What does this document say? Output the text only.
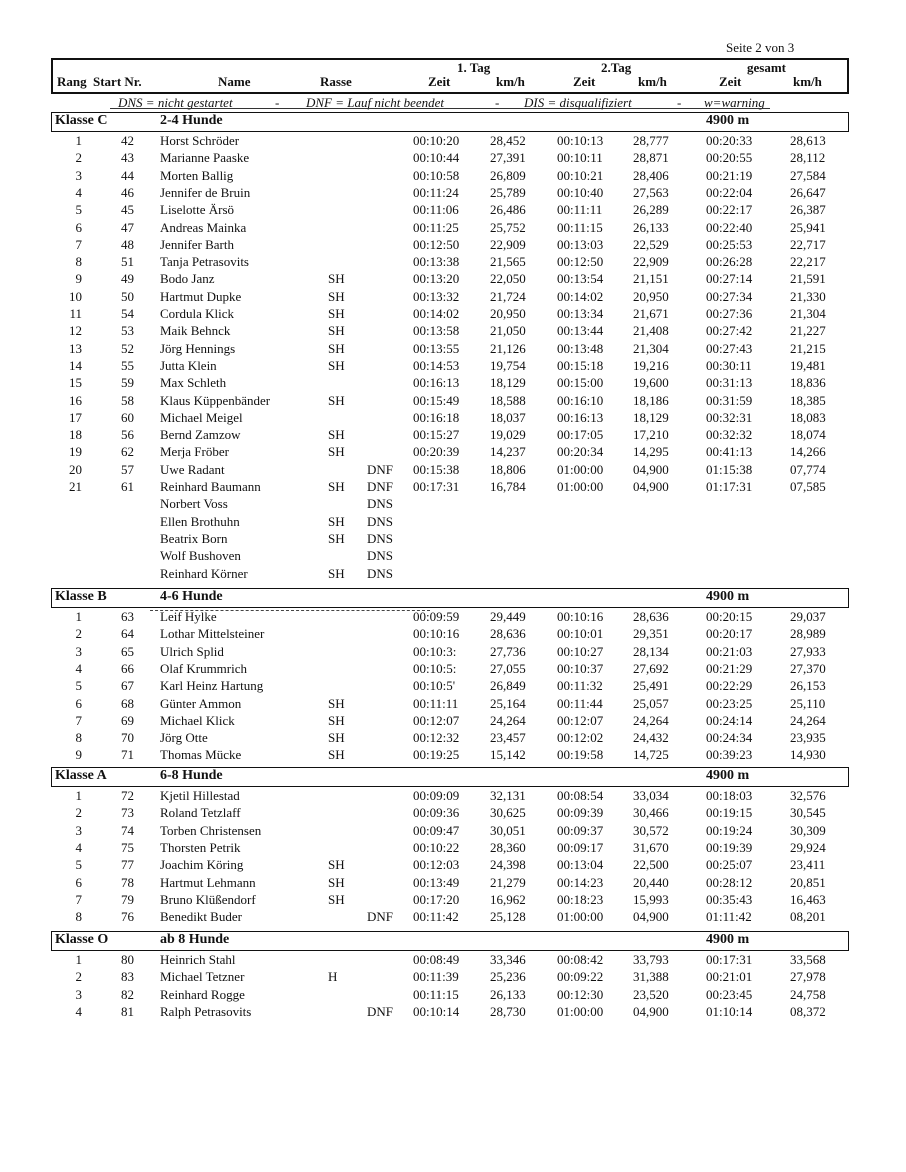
Seite 2 von 3
1. Tag	2.Tag	gesamt
Rang Start Nr.	Name	Rasse	Zeit	km/h	Zeit	km/h	Zeit	km/h
DNS = nicht gestartet	- DNF = Lauf nicht beendet	- DIS = disqualifiziert	- w=warning
Klasse C	2-4 Hunde	4900 m
1	42 Horst Schröder	00:10:20	28,452	00:10:13	28,777	00:20:33	28,613
2	43 Marianne Paaske	00:10:44	27,391	00:10:11	28,871	00:20:55	28,112
3	44 Morten Ballig	00:10:58	26,809	00:10:21	28,406	00:21:19	27,584
4	46 Jennifer de Bruin	00:11:24	25,789	00:10:40	27,563	00:22:04	26,647
5	45 Liselotte Ärsö	00:11:06	26,486	00:11:11	26,289	00:22:17	26,387
6	47 Andreas Mainka	00:11:25	25,752	00:11:15	26,133	00:22:40	25,941
7	48 Jennifer Barth	00:12:50	22,909	00:13:03	22,529	00:25:53	22,717
8	51 Tanja Petrasovits	00:13:38	21,565	00:12:50	22,909	00:26:28	22,217
9	49 Bodo Janz	SH	00:13:20	22,050	00:13:54	21,151	00:27:14	21,591
10	50 Hartmut Dupke	SH	00:13:32	21,724	00:14:02	20,950	00:27:34	21,330
11	54 Cordula Klick	SH	00:14:02	20,950	00:13:34	21,671	00:27:36	21,304
12	53 Maik Behnck	SH	00:13:58	21,050	00:13:44	21,408	00:27:42	21,227
13	52 Jörg Hennings	SH	00:13:55	21,126	00:13:48	21,304	00:27:43	21,215
14	55 Jutta Klein	SH	00:14:53	19,754	00:15:18	19,216	00:30:11	19,481
15	59 Max Schleth	00:16:13	18,129	00:15:00	19,600	00:31:13	18,836
16	58 Klaus Küppenbänder	SH	00:15:49	18,588	00:16:10	18,186	00:31:59	18,385
17	60 Michael Meigel	00:16:18	18,037	00:16:13	18,129	00:32:31	18,083
18	56 Bernd Zamzow	SH	00:15:27	19,029	00:17:05	17,210	00:32:32	18,074
19	62 Merja Fröber	SH	00:20:39	14,237	00:20:34	14,295	00:41:13	14,266
20	57 Uwe Radant	DNF	00:15:38	18,806	01:00:00	04,900	01:15:38	07,774
21	61 Reinhard Baumann	SH	DNF	00:17:31	16,784	01:00:00	04,900	01:17:31	07,585
Norbert Voss	DNS
Ellen Brothuhn	SH	DNS
Beatrix Born	SH	DNS
Wolf Bushoven	DNS
Reinhard Körner	SH	DNS
Klasse B	4-6 Hunde	4900 m
1	63 Leif Hylke	00:09:59	29,449	00:10:16	28,636	00:20:15	29,037
2	64 Lothar Mittelsteiner	00:10:16	28,636	00:10:01	29,351	00:20:17	28,989
3	65 Ulrich Splid	00:10:3:	27,736	00:10:27	28,134	00:21:03	27,933
4	66 Olaf Krummrich	00:10:5:	27,055	00:10:37	27,692	00:21:29	27,370
5	67 Karl Heinz Hartung	00:10:5'	26,849	00:11:32	25,491	00:22:29	26,153
6	68 Günter Ammon	SH	00:11:11	25,164	00:11:44	25,057	00:23:25	25,110
7	69 Michael Klick	SH	00:12:07	24,264	00:12:07	24,264	00:24:14	24,264
8	70 Jörg Otte	SH	00:12:32	23,457	00:12:02	24,432	00:24:34	23,935
9	71 Thomas Mücke	SH	00:19:25	15,142	00:19:58	14,725	00:39:23	14,930
Klasse A	6-8 Hunde	4900 m
1	72 Kjetil Hillestad	00:09:09	32,131	00:08:54	33,034	00:18:03	32,576
2	73 Roland Tetzlaff	00:09:36	30,625	00:09:39	30,466	00:19:15	30,545
3	74 Torben Christensen	00:09:47	30,051	00:09:37	30,572	00:19:24	30,309
4	75 Thorsten Petrik	00:10:22	28,360	00:09:17	31,670	00:19:39	29,924
5	77 Joachim Köring	SH	00:12:03	24,398	00:13:04	22,500	00:25:07	23,411
6	78 Hartmut Lehmann	SH	00:13:49	21,279	00:14:23	20,440	00:28:12	20,851
7	79 Bruno Klüßendorf	SH	00:17:20	16,962	00:18:23	15,993	00:35:43	16,463
8	76 Benedikt Buder	DNF	00:11:42	25,128	01:00:00	04,900	01:11:42	08,201
Klasse O	ab 8 Hunde	4900 m
1	80 Heinrich Stahl	00:08:49	33,346	00:08:42	33,793	00:17:31	33,568
2	83 Michael Tetzner	H	00:11:39	25,236	00:09:22	31,388	00:21:01	27,978
3	82 Reinhard Rogge	00:11:15	26,133	00:12:30	23,520	00:23:45	24,758
4	81 Ralph Petrasovits	DNF	00:10:14	28,730	01:00:00	04,900	01:10:14	08,372
